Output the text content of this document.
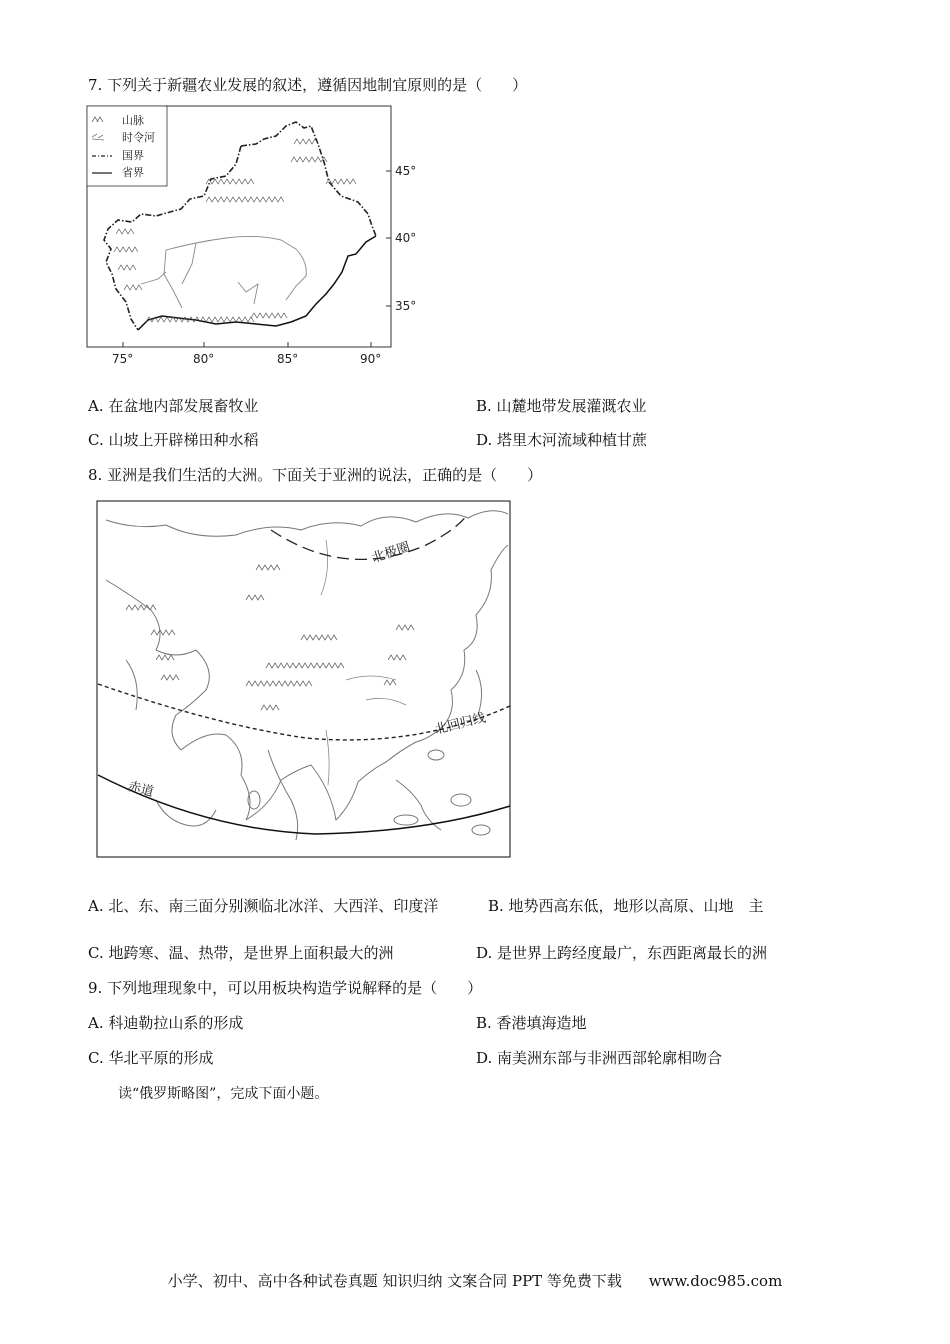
7. 下列关于新疆农业发展的叙述，遵循因地制宜原则的是（　　）
山脉
时令河
国界
省界	45°
40°
35°
75°	80°	85°	90°
A. 在盆地内部发展畜牧业	B. 山麓地带发展灌溉农业
C. 山坡上开辟梯田种水稻	D. 塔里木河流域种植甘蔗
8. 亚洲是我们生活的大洲。下面关于亚洲的说法，正确的是（　　）
北极圈
北回归线
赤道
A. 北、东、南三面分别濒临北冰洋、大西洋、印度洋	B. 地势西高东低，地形以高原、山地　主
C. 地跨寒、温、热带，是世界上面积最大的洲	D. 是世界上跨经度最广，东西距离最长的洲
9. 下列地理现象中，可以用板块构造学说解释的是（　　）
A. 科迪勒拉山系的形成	B. 香港填海造地
C. 华北平原的形成	D. 南美洲东部与非洲西部轮廓相吻合
读“俄罗斯略图”，完成下面小题。
小学、初中、高中各种试卷真题 知识归纳 文案合同 PPT 等免费下载 www.doc985.com
